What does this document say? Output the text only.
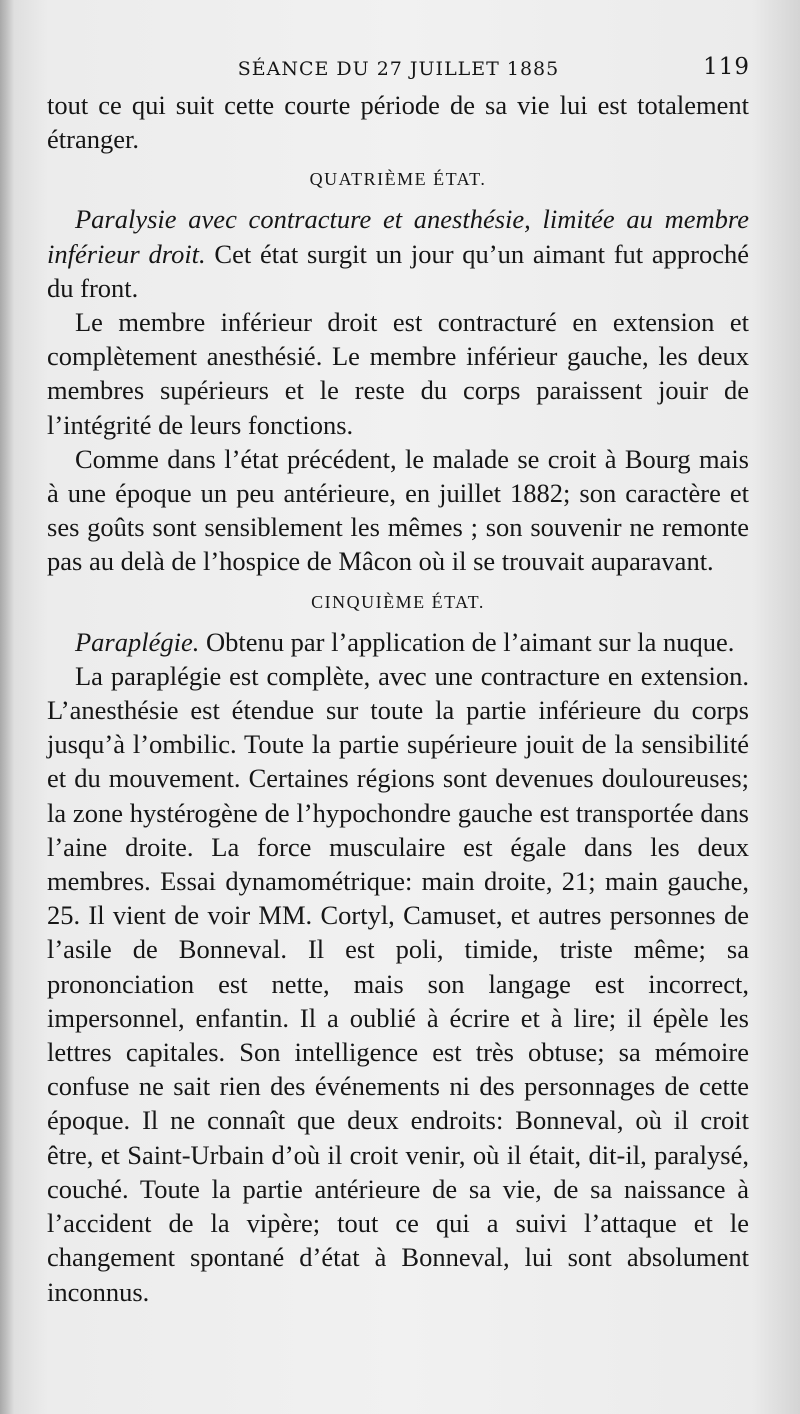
SÉANCE DU 27 JUILLET 1885	119

tout ce qui suit cette courte période de sa vie lui est totalement étranger.

QUATRIÈME ÉTAT.

Paralysie avec contracture et anesthésie, limitée au membre inférieur droit. Cet état surgit un jour qu’un aimant fut approché du front.

Le membre inférieur droit est contracturé en extension et complètement anesthésié. Le membre inférieur gauche, les deux membres supérieurs et le reste du corps paraissent jouir de l’intégrité de leurs fonctions.

Comme dans l’état précédent, le malade se croit à Bourg mais à une époque un peu antérieure, en juillet 1882; son caractère et ses goûts sont sensiblement les mêmes ; son souvenir ne remonte pas au delà de l’hospice de Mâcon où il se trouvait auparavant.

CINQUIÈME ÉTAT.

Paraplégie. Obtenu par l’application de l’aimant sur la nuque.

La paraplégie est complète, avec une contracture en extension. L’anesthésie est étendue sur toute la partie inférieure du corps jusqu’à l’ombilic. Toute la partie supérieure jouit de la sensibilité et du mouvement. Certaines régions sont devenues douloureuses; la zone hystérogène de l’hypochondre gauche est transportée dans l’aine droite. La force musculaire est égale dans les deux membres. Essai dynamométrique: main droite, 21; main gauche, 25. Il vient de voir MM. Cortyl, Camuset, et autres personnes de l’asile de Bonneval. Il est poli, timide, triste même; sa prononciation est nette, mais son langage est incorrect, impersonnel, enfantin. Il a oublié à écrire et à lire; il épèle les lettres capitales. Son intelligence est très obtuse; sa mémoire confuse ne sait rien des événements ni des personnages de cette époque. Il ne connaît que deux endroits: Bonneval, où il croit être, et Saint-Urbain d’où il croit venir, où il était, dit-il, paralysé, couché. Toute la partie antérieure de sa vie, de sa naissance à l’accident de la vipère; tout ce qui a suivi l’attaque et le changement spontané d’état à Bonneval, lui sont absolument inconnus.
